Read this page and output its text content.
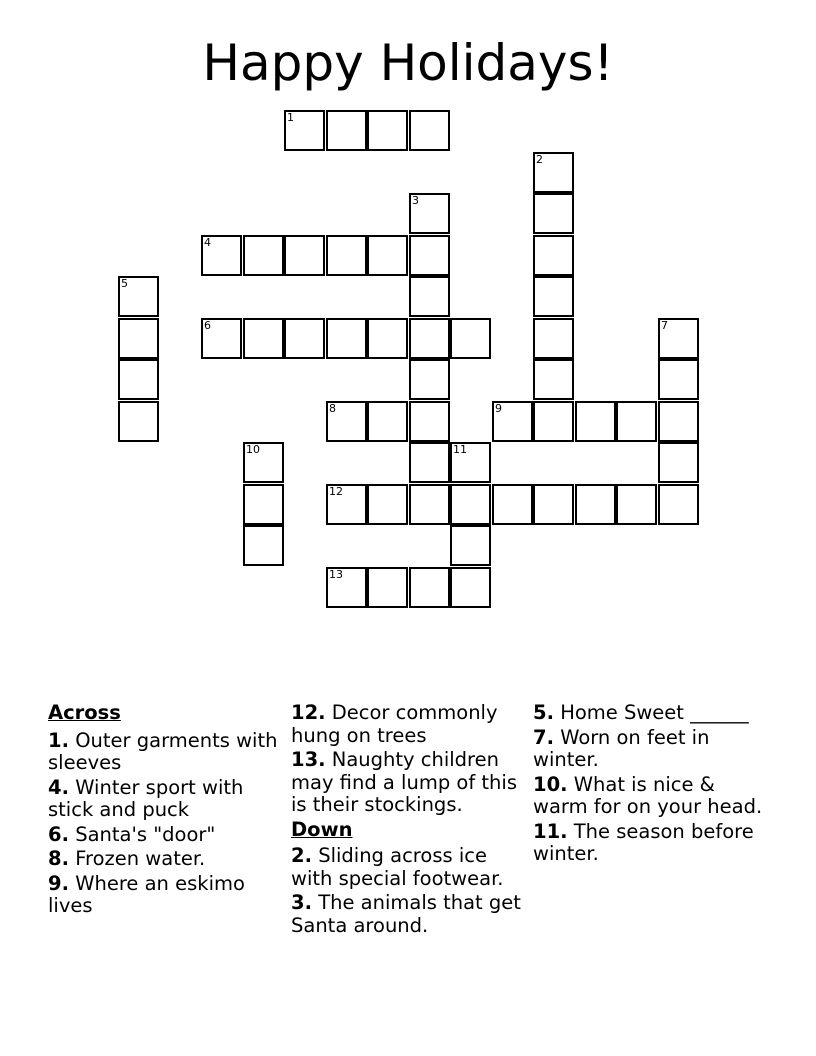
Happy Holidays!
1
2
3
4
5
6	7
8	9
10	11
12
13
Across
1. Outer garments with sleeves
4. Winter sport with stick and puck
6. Santa's "door"
8. Frozen water.
9. Where an eskimo lives
12. Decor commonly hung on trees
13. Naughty children may find a lump of this is their stockings.
Down
2. Sliding across ice with special footwear.
3. The animals that get Santa around.
5. Home Sweet ______
7. Worn on feet in winter.
10. What is nice & warm for on your head.
11. The season before winter.
